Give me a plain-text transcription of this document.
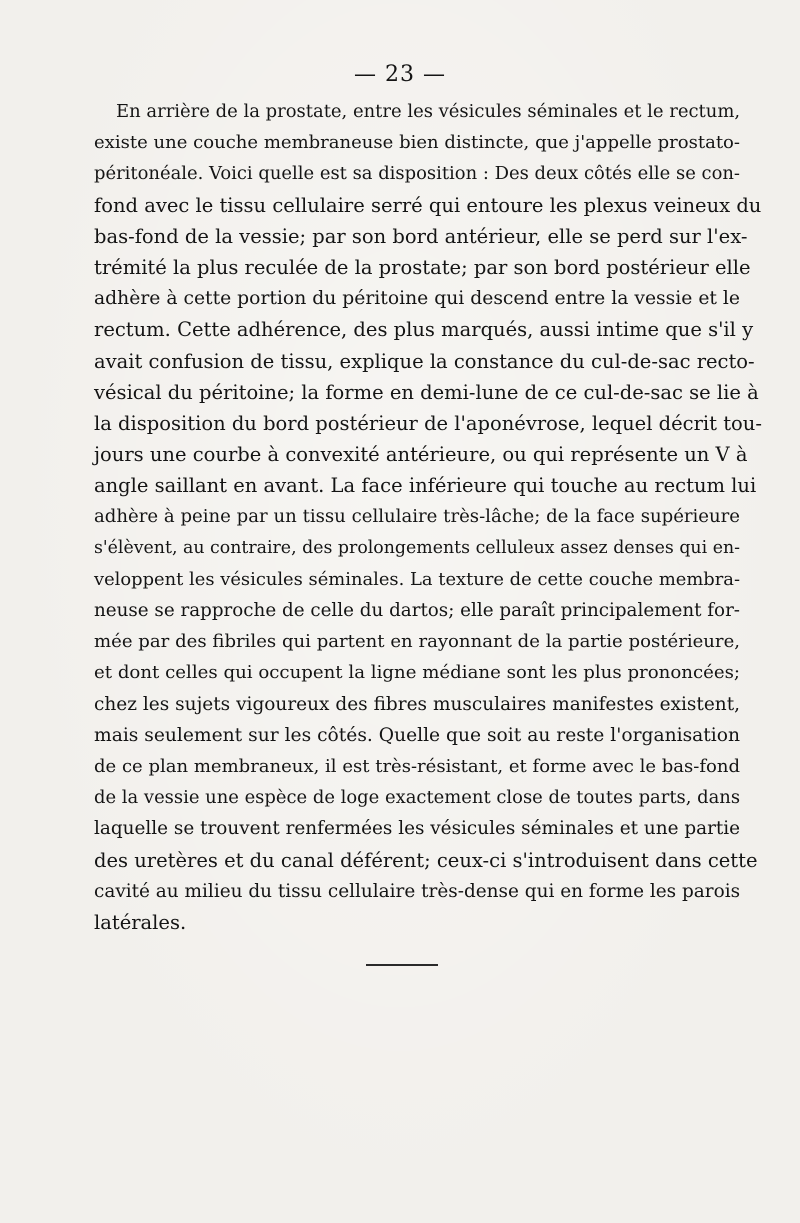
— 23 —
En arrière de la prostate, entre les vésicules séminales et le rectum,
existe une couche membraneuse bien distincte, que j'appelle prostato-
péritonéale. Voici quelle est sa disposition : Des deux côtés elle se con-
fond avec le tissu cellulaire serré qui entoure les plexus veineux du
bas-fond de la vessie; par son bord antérieur, elle se perd sur l'ex-
trémité la plus reculée de la prostate; par son bord postérieur elle
adhère à cette portion du péritoine qui descend entre la vessie et le
rectum. Cette adhérence, des plus marqués, aussi intime que s'il y
avait confusion de tissu, explique la constance du cul-de-sac recto-
vésical du péritoine; la forme en demi-lune de ce cul-de-sac se lie à
la disposition du bord postérieur de l'aponévrose, lequel décrit tou-
jours une courbe à convexité antérieure, ou qui représente un V à
angle saillant en avant. La face inférieure qui touche au rectum lui
adhère à peine par un tissu cellulaire très-lâche; de la face supérieure
s'élèvent, au contraire, des prolongements celluleux assez denses qui en-
veloppent les vésicules séminales. La texture de cette couche membra-
neuse se rapproche de celle du dartos; elle paraît principalement for-
mée par des fibriles qui partent en rayonnant de la partie postérieure,
et dont celles qui occupent la ligne médiane sont les plus prononcées;
chez les sujets vigoureux des fibres musculaires manifestes existent,
mais seulement sur les côtés. Quelle que soit au reste l'organisation
de ce plan membraneux, il est très-résistant, et forme avec le bas-fond
de la vessie une espèce de loge exactement close de toutes parts, dans
laquelle se trouvent renfermées les vésicules séminales et une partie
des uretères et du canal déférent; ceux-ci s'introduisent dans cette
cavité au milieu du tissu cellulaire très-dense qui en forme les parois
latérales.
